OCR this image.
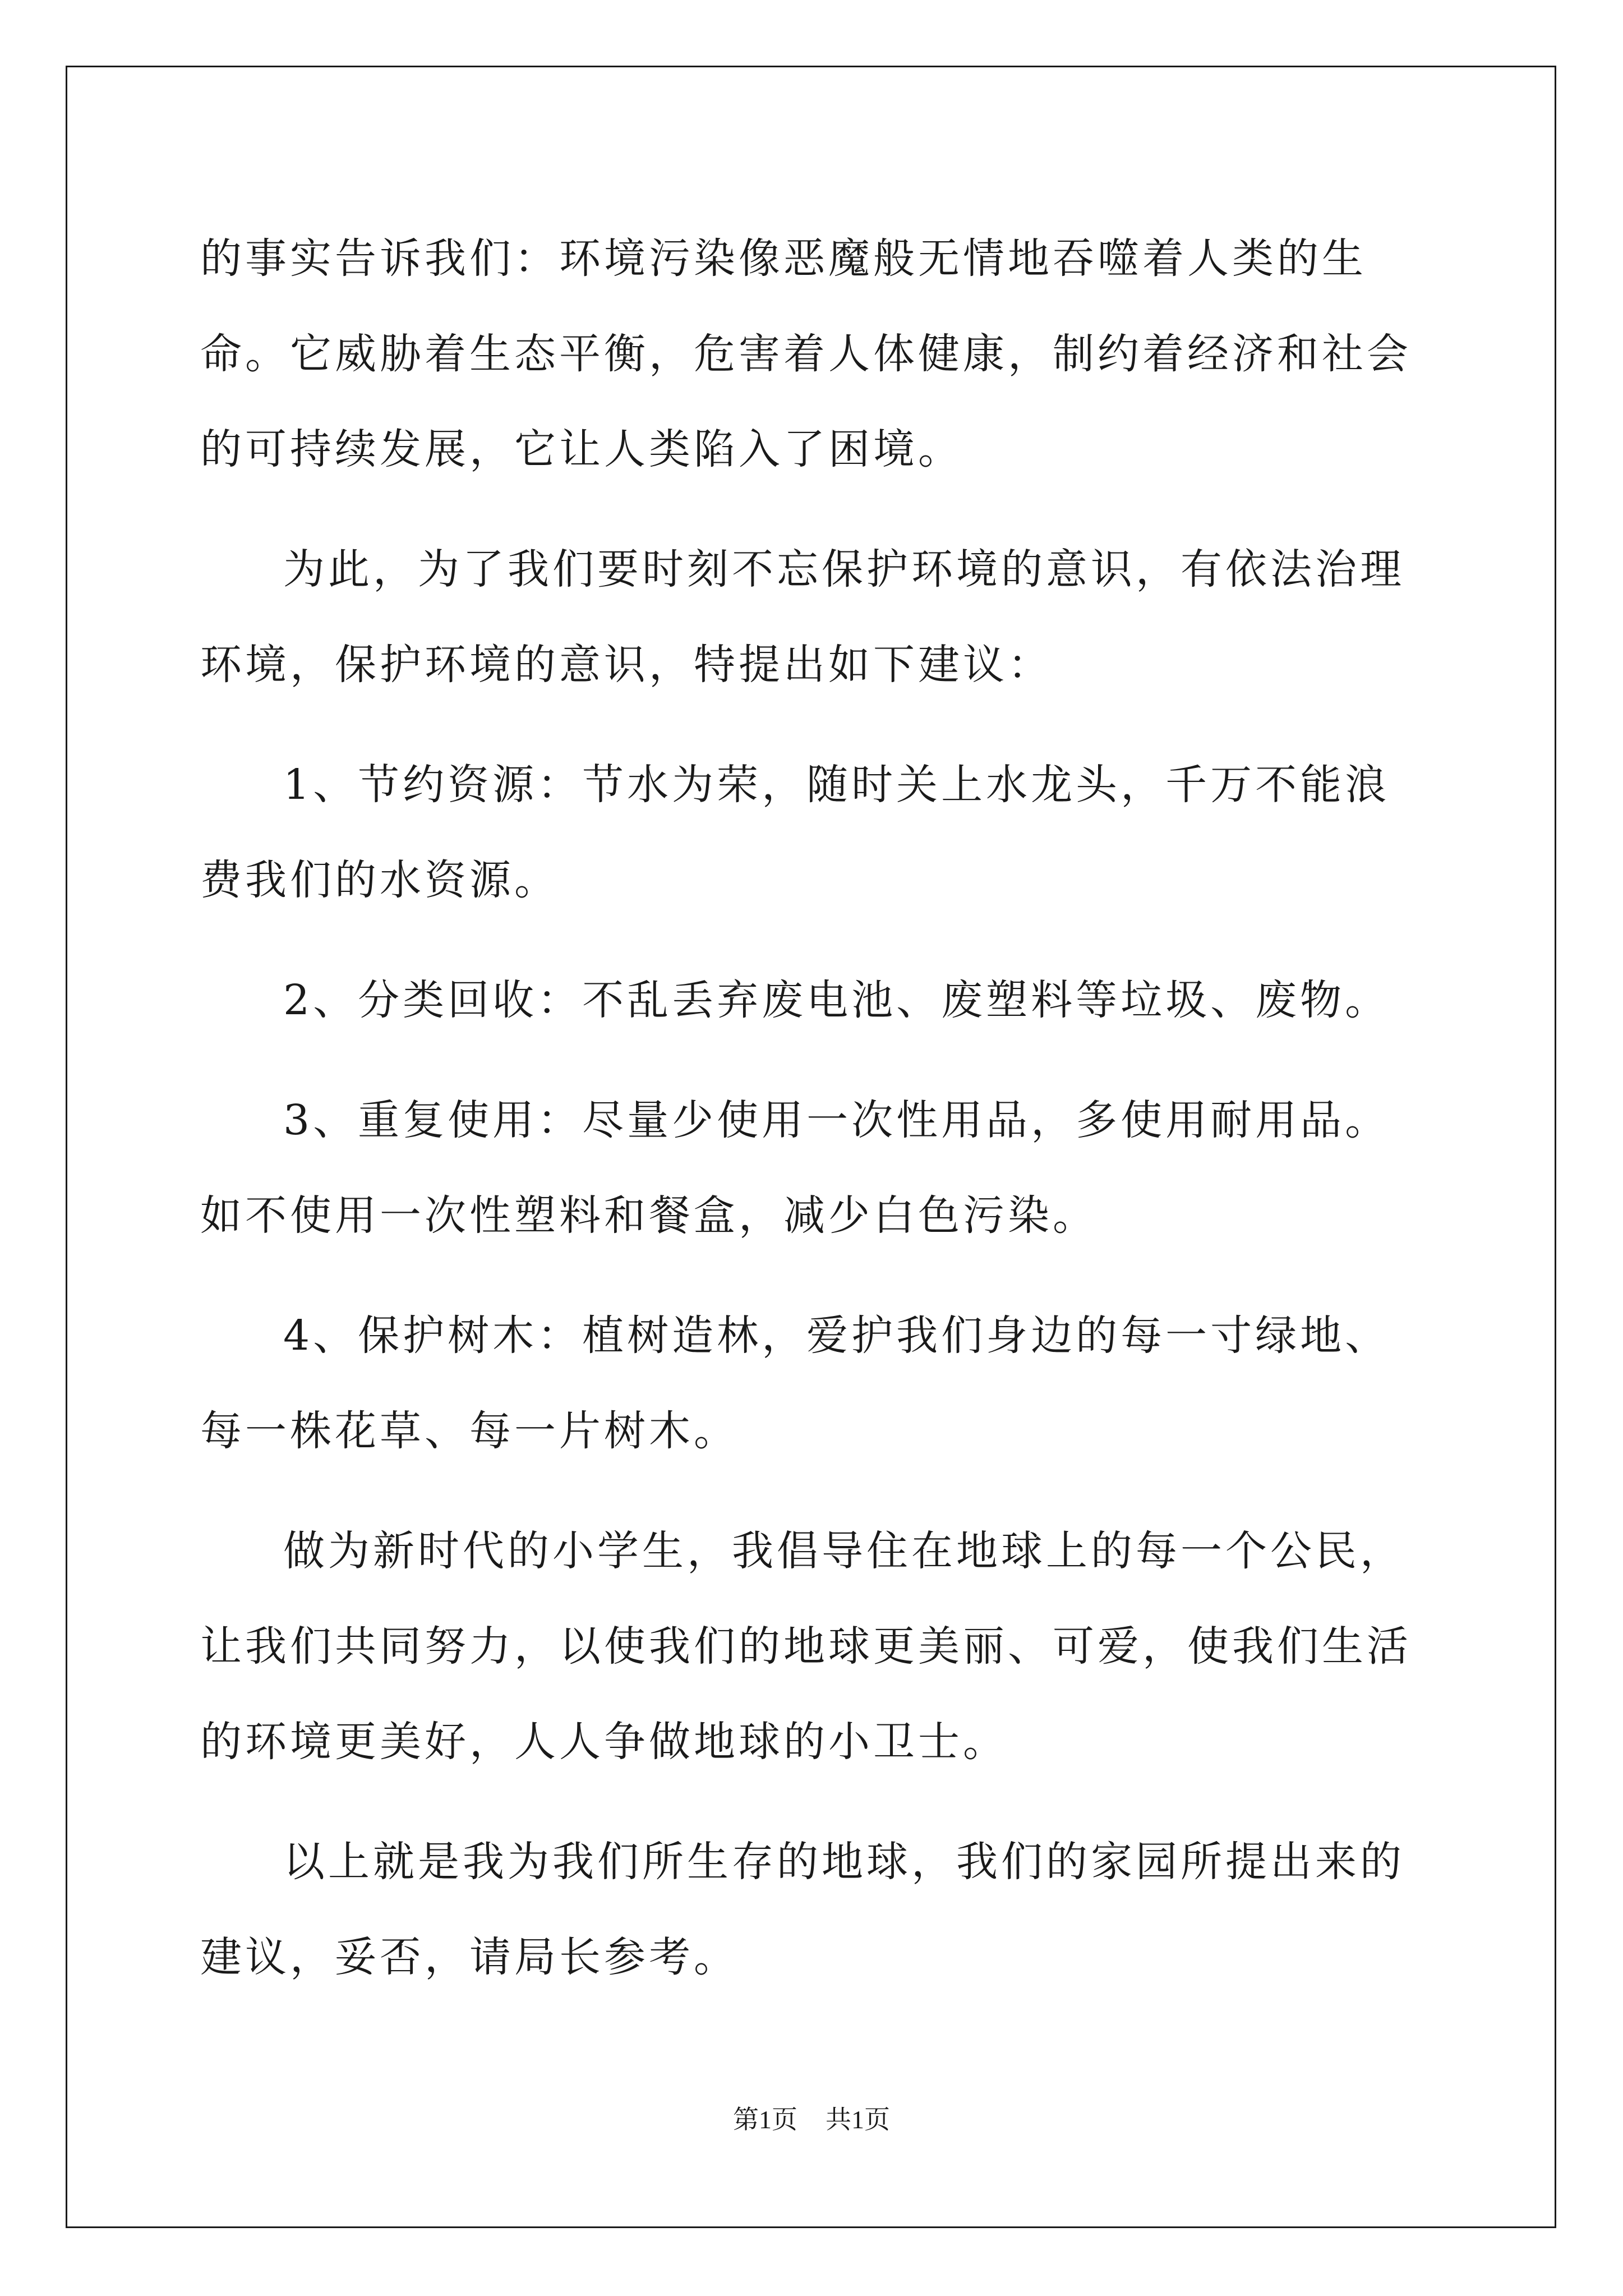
的事实告诉我们：环境污染像恶魔般无情地吞噬着人类的生命。它威胁着生态平衡，危害着人体健康，制约着经济和社会的可持续发展，它让人类陷入了困境。

为此，为了我们要时刻不忘保护环境的意识，有依法治理环境，保护环境的意识，特提出如下建议：

1、节约资源：节水为荣，随时关上水龙头，千万不能浪费我们的水资源。

2、分类回收：不乱丢弃废电池、废塑料等垃圾、废物。

3、重复使用：尽量少使用一次性用品，多使用耐用品。如不使用一次性塑料和餐盒，减少白色污染。

4、保护树木：植树造林，爱护我们身边的每一寸绿地、每一株花草、每一片树木。

做为新时代的小学生，我倡导住在地球上的每一个公民，让我们共同努力，以使我们的地球更美丽、可爱，使我们生活的环境更美好，人人争做地球的小卫士。

以上就是我为我们所生存的地球，我们的家园所提出来的建议，妥否，请局长参考。

第1页 共1页
